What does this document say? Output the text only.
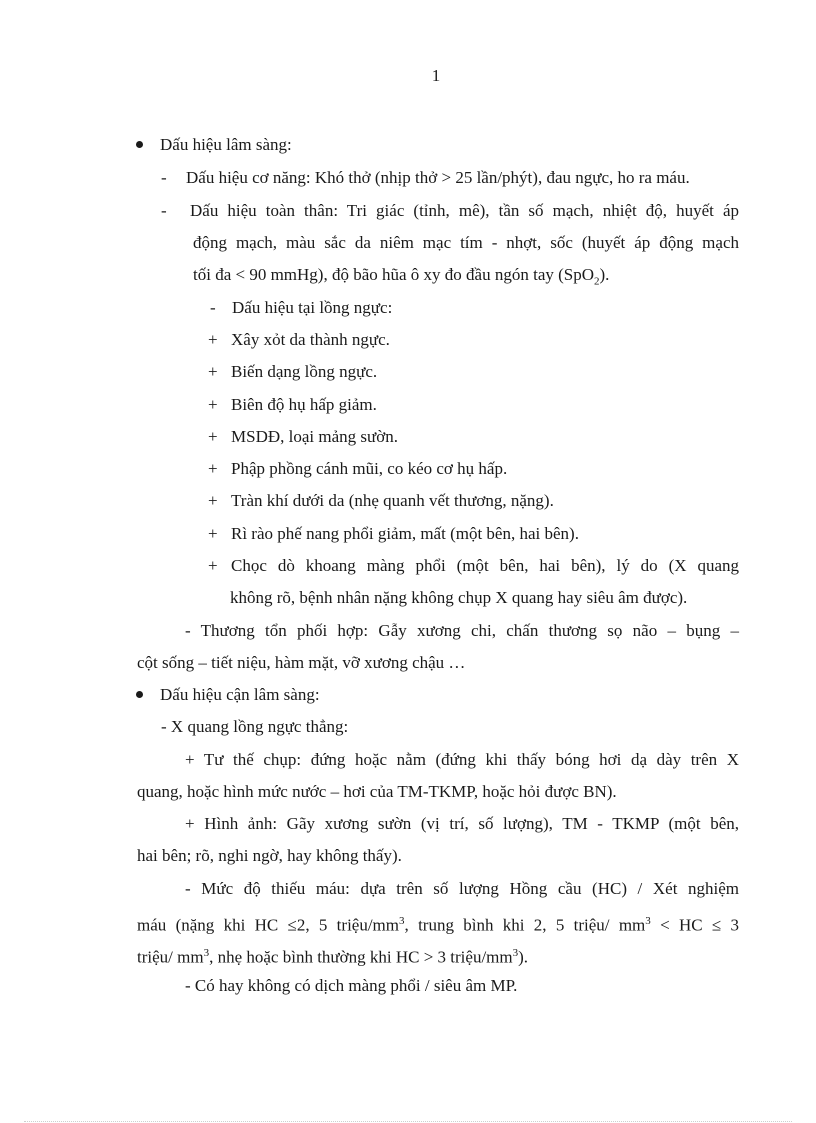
1
Dấu hiệu lâm sàng:
- Dấu hiệu cơ năng: Khó thở (nhịp thở > 25 lần/phýt), đau ngực, ho ra máu.
- Dấu hiệu toàn thân: Tri giác (tỉnh, mê), tần số mạch, nhiệt độ, huyết áp
động mạch, màu sắc da niêm mạc tím - nhợt, sốc (huyết áp động mạch
tối đa < 90 mmHg), độ bão hũa ô xy đo đầu ngón tay (SpO$_2$).
- Dấu hiệu tại lồng ngực:
+ Xây xỏt da thành ngực.
+ Biến dạng lồng ngực.
+ Biên độ hụ hấp giảm.
+ MSDĐ, loại mảng sườn.
+ Phập phồng cánh mũi, co kéo cơ hụ hấp.
+ Tràn khí dưới da (nhẹ quanh vết thương, nặng).
+ Rì rào phế nang phổi giảm, mất (một bên, hai bên).
+ Chọc dò khoang màng phổi (một bên, hai bên), lý do (X quang
không rõ, bệnh nhân nặng không chụp X quang hay siêu âm được).
- Thương tổn phối hợp: Gẫy xương chi, chấn thương sọ não – bụng –
cột sống – tiết niệu, hàm mặt, vỡ xương chậu …
Dấu hiệu cận lâm sàng:
- X quang lồng ngực thẳng:
+ Tư thế chụp: đứng hoặc nằm (đứng khi thấy bóng hơi dạ dày trên X
quang, hoặc hình mức nước – hơi của TM-TKMP, hoặc hỏi được BN).
+ Hình ảnh: Gãy xương sườn (vị trí, số lượng), TM - TKMP (một bên,
hai bên; rõ, nghi ngờ, hay không thấy).
- Mức độ thiếu máu: dựa trên số lượng Hồng cầu (HC) / Xét nghiệm
máu (nặng khi HC ≤2, 5 triệu/$mm^3$, trung bình khi 2, 5 triệu/ $mm^3$ < HC ≤ 3
triệu/ $mm^3$, nhẹ hoặc bình thường khi HC > 3 triệu/$mm^3$).
- Có hay không có dịch màng phổi / siêu âm MP.
